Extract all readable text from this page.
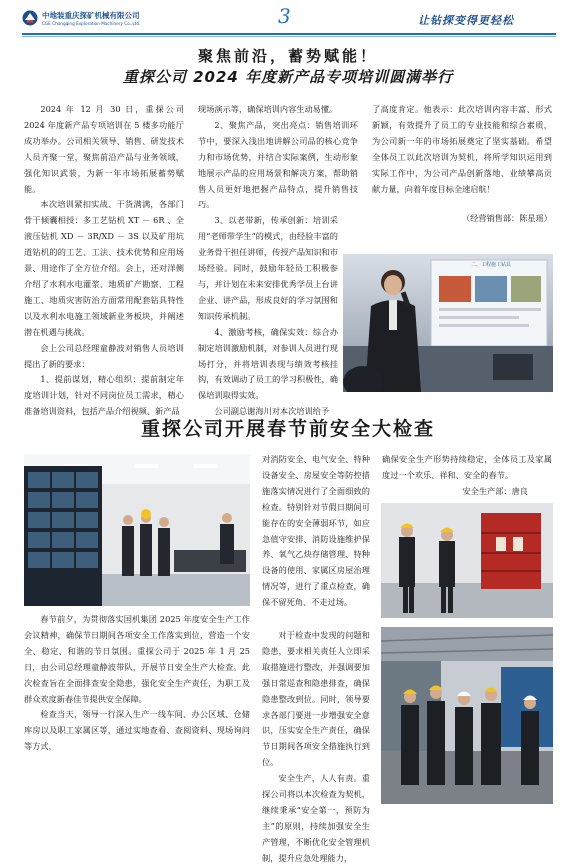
中地装重庆探矿机械有限公司
CGE Chongqing Exploration Machinery Co.,Ltd.	3	让钻探变得更轻松
聚焦前沿，蓄势赋能！
重探公司 2024 年度新产品专项培训圆满举行

2024 年 12 月 30 日，重探公司 2024 年度新产品专项培训在 5 楼多功能厅成功举办。公司相关领导、销售、研发技术人员齐聚一堂，聚焦前沿产品与业务领域，强化知识武装，为新一年市场拓展蓄势赋能。

本次培训紧扣实战、干货满满，各部门骨干倾囊相授：多工艺钻机 XT － 6R 、全液压钻机 XD － 3R/XD － 3S 以及矿用坑道钻机的的工艺、工法、技术优势和应用场景、用途作了全方位介绍。会上，还对洋侧介绍了水利水电灌浆、地质矿产勘察、工程施工、地质灾害防治方面常用配套钻具特性以及水利水电施工领域新业务板块，并阐述潜在机遇与挑战。

会上公司总经理童静波对销售人员培训提出了新的要求：

1、提前谋划，精心组织：提前制定年度培训计划，针对不同岗位员工需求，精心准备培训资料，包括产品介绍视频、新产品

现场演示等，确保培训内容生动易懂。

2、聚焦产品，突出亮点：销售培训环节中，要深入浅出地讲解公司品的核心竞争力和市场优势，并结合实际案例，生动形象地展示产品的应用场景和解决方案，帮助销售人员更好地把握产品特点，提升销售技巧。

3、以老带新，传承创新：培训采用“老师带学生”的模式，由经验丰富的业务骨干担任讲师，传授产品知识和市场经验。同时，鼓励年轻员工积极参与，并计划在未来安排优秀学员上台讲企业、讲产品，形成良好的学习氛围和知识传承机制。

4、激励考核，确保实效：综合办制定培训激励机制，对参训人员进行现场打分，并将培训表现与绩效考核挂钩，有效调动了员工的学习积极性，确保培训取得实效。

公司副总谢海川对本次培训给予

了高度肯定。他表示：此次培训内容丰富、形式新颖，有效提升了员工的专业技能和综合素质，为公司新一年的市场拓展奠定了坚实基础。希望全体员工以此次培训为契机，将所学知识运用到实际工作中，为公司产品创新落地、业绩攀高贡献力量，向着年度目标全速启航！

（经营销售部：陈星瑶）
二、工程施工钻具
重探公司开展春节前安全大检查

春节前夕，为贯彻落实国机集团 2025 年度安全生产工作会议精神，确保节日期间各项安全工作落实到位，营造一个安全、稳定、和谐的节日氛围。重探公司于 2025 年 1 月 25 日，由公司总经理童静波带队，开展节日安全生产大检查。此次检查旨在全面排查安全隐患，强化安全生产责任，为职工及群众欢度新春佳节提供安全保障。

检查当天，领导一行深入生产一线车间、办公区域、仓储库房以及职工家属区等，通过实地查看、查阅资料、现场询问等方式，

对消防安全、电气安全、特种设备安全、房屋安全等防控措施落实情况进行了全面细致的检查。特别针对节假日期间可能存在的安全薄弱环节，如应急值守安排、消防设施维护保养、氧气乙炔存储管理、特种设备的使用、家属区房屋治理情况等，进行了重点检查，确保不留死角、不走过场。

对于检查中发现的问题和隐患，要求相关责任人立即采取措施进行整改，并强调要加强日常巡查和隐患排查，确保隐患整改到位。同时，领导要求各部门要进一步增强安全意识，压实安全生产责任，确保节日期间各项安全措施执行到位。

安全生产，人人有责。重探公司将以本次检查为契机，继续秉承“安全第一，预防为主”的原则，持续加强安全生产管理，不断优化安全管理机制，提升应急处理能力，

确保安全生产形势持续稳定，全体员工及家属度过一个欢乐、祥和、安全的春节。

安全生产部：唐良
